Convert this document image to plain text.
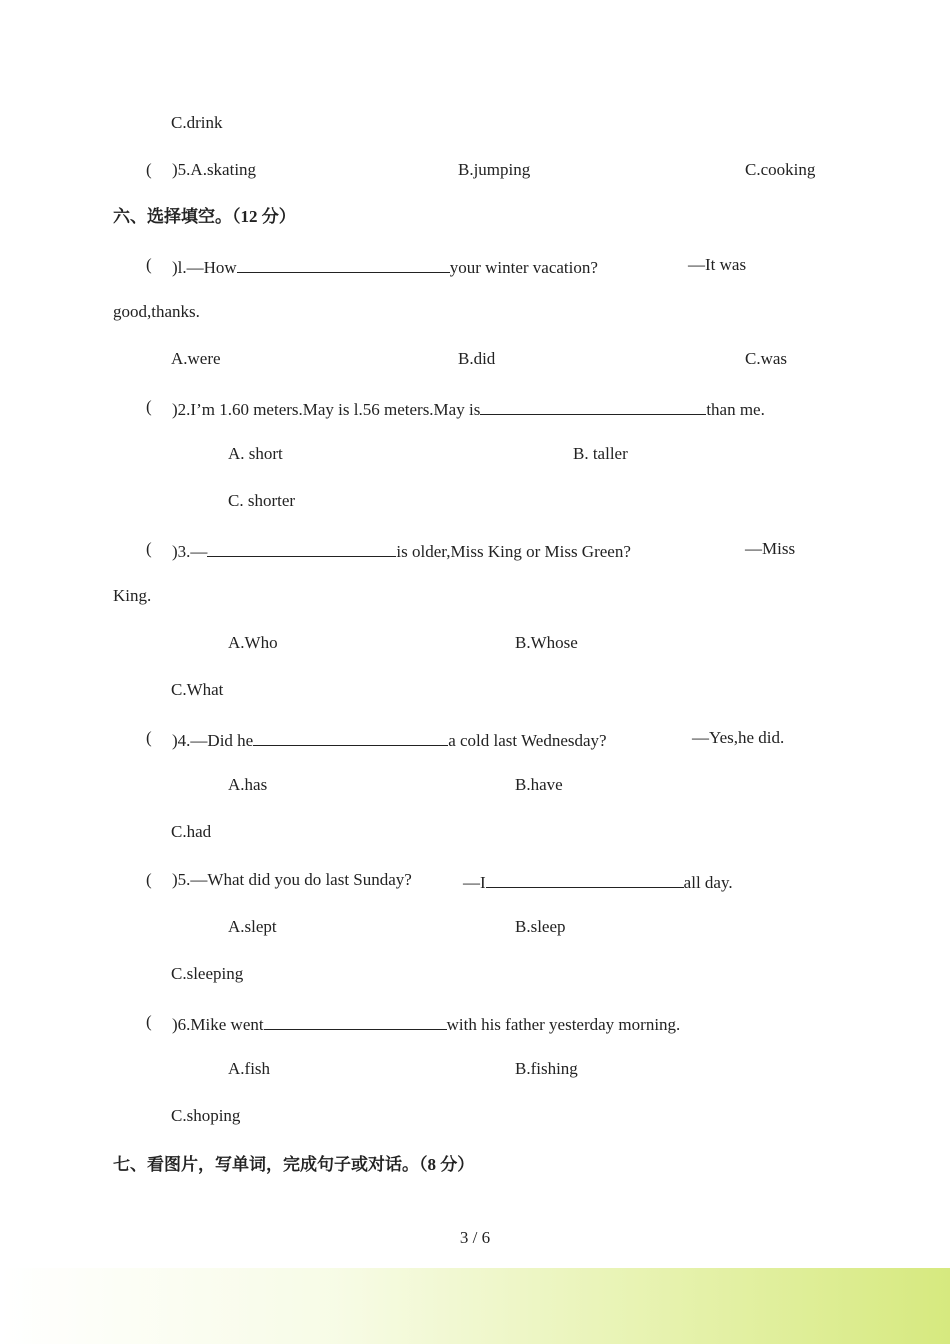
C.drink
( )5.A.skating	B.jumping	C.cooking
六、选择填空。（12 分）
( )l.—How	your winter vacation?	—It was
good,thanks.
A.were	B.did	C.was
( )2.I’m 1.60 meters.May is l.56 meters.May is	than me.
A. short	B. taller
C. shorter
( )3.—	is older,Miss King or Miss Green?	—Miss
King.
A.Who	B.Whose
C.What
( )4.—Did he	a cold last Wednesday?	—Yes,he did.
A.has	B.have
C.had
( )5.—What did you do last Sunday?	—I	all day.
A.slept	B.sleep
C.sleeping
( )6.Mike went	with his father yesterday morning.
A.fish	B.fishing
C.shoping
七、看图片，写单词，完成句子或对话。（8 分）
3 / 6
